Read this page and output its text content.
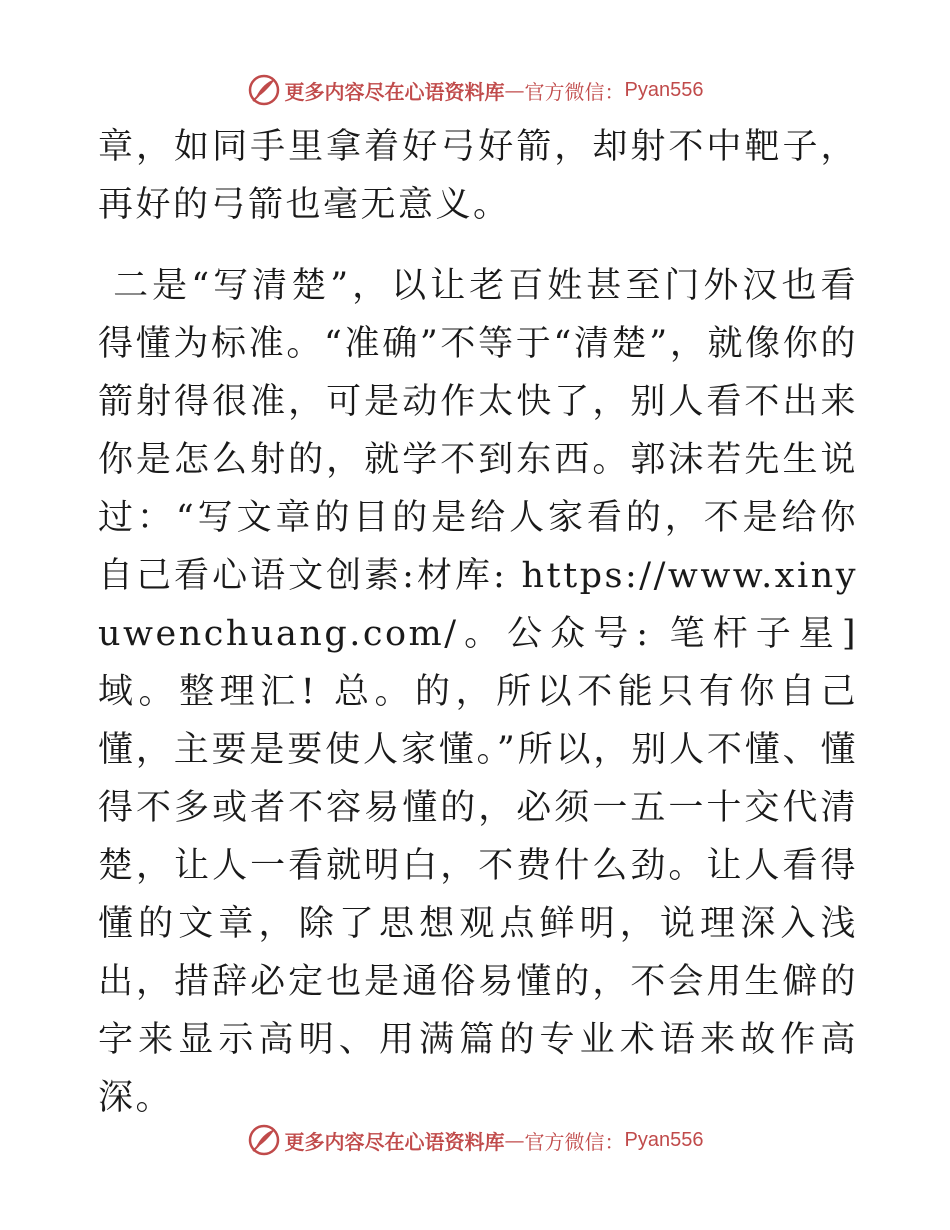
更多内容尽在心语资料库 — 官方微信： Pyan556

章，如同手里拿着好弓好箭，却射不中靶子，再好的弓箭也毫无意义。

二是“写清楚”，以让老百姓甚至门外汉也看得懂为标准。“准确”不等于“清楚”，就像你的箭射得很准，可是动作太快了，别人看不出来你是怎么射的，就学不到东西。郭沫若先生说过：“写文章的目的是给人家看的，不是给你自己看心语文创素:材库: https://www.xinyuwenchuang.com/。公众号: 笔杆子星]域。整理汇! 总。的，所以不能只有你自己懂，主要是要使人家懂。”所以，别人不懂、懂得不多或者不容易懂的，必须一五一十交代清楚，让人一看就明白，不费什么劲。让人看得懂的文章，除了思想观点鲜明，说理深入浅出，措辞必定也是通俗易懂的，不会用生僻的字来显示高明、用满篇的专业术语来故作高深。

更多内容尽在心语资料库 — 官方微信： Pyan556
